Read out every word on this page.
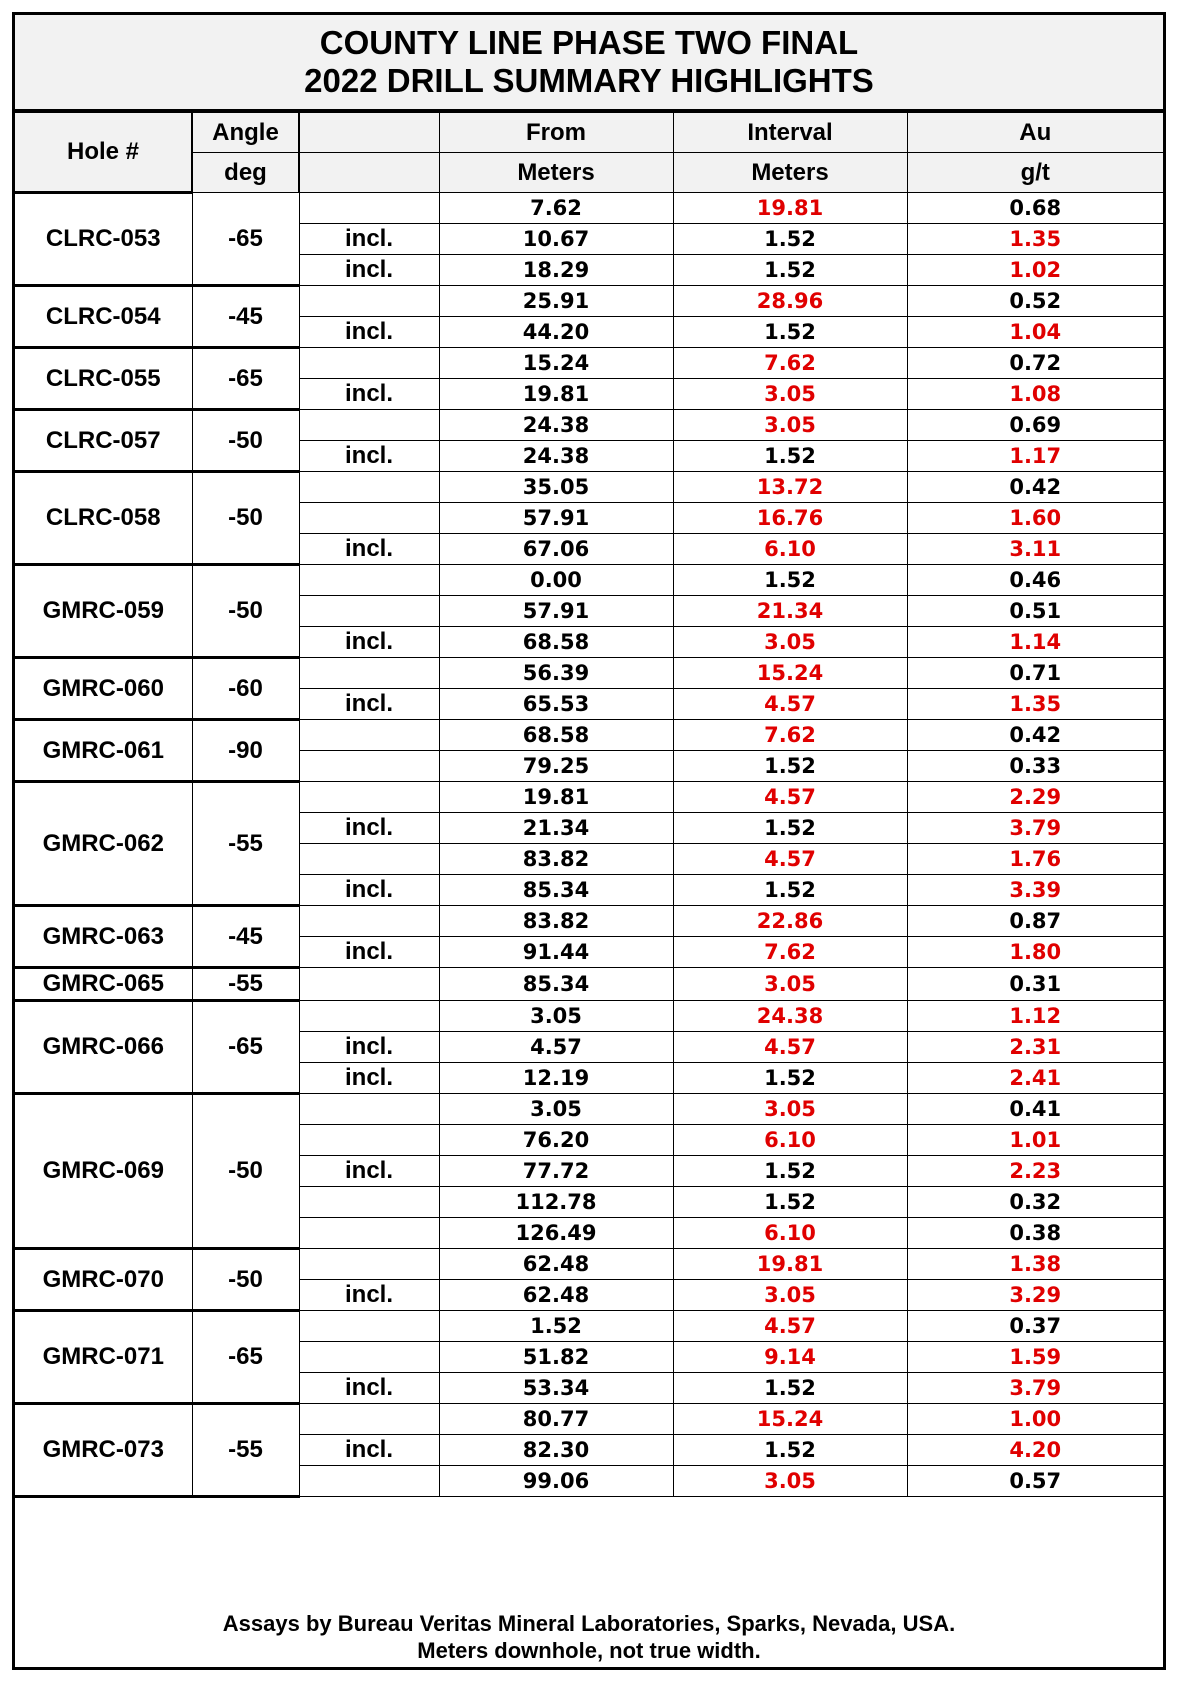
COUNTY LINE PHASE TWO FINAL
2022 DRILL SUMMARY HIGHLIGHTS
Hole #	Angle		From	Interval	Au
	deg		Meters	Meters	g/t
CLRC-053	-65		7.62	19.81	0.68
		incl.	10.67	1.52	1.35
		incl.	18.29	1.52	1.02
CLRC-054	-45		25.91	28.96	0.52
		incl.	44.20	1.52	1.04
CLRC-055	-65		15.24	7.62	0.72
		incl.	19.81	3.05	1.08
CLRC-057	-50		24.38	3.05	0.69
		incl.	24.38	1.52	1.17
CLRC-058	-50		35.05	13.72	0.42
			57.91	16.76	1.60
		incl.	67.06	6.10	3.11
GMRC-059	-50		0.00	1.52	0.46
			57.91	21.34	0.51
		incl.	68.58	3.05	1.14
GMRC-060	-60		56.39	15.24	0.71
		incl.	65.53	4.57	1.35
GMRC-061	-90		68.58	7.62	0.42
			79.25	1.52	0.33
GMRC-062	-55		19.81	4.57	2.29
		incl.	21.34	1.52	3.79
			83.82	4.57	1.76
		incl.	85.34	1.52	3.39
GMRC-063	-45		83.82	22.86	0.87
		incl.	91.44	7.62	1.80
GMRC-065	-55		85.34	3.05	0.31
GMRC-066	-65		3.05	24.38	1.12
		incl.	4.57	4.57	2.31
		incl.	12.19	1.52	2.41
GMRC-069	-50		3.05	3.05	0.41
			76.20	6.10	1.01
		incl.	77.72	1.52	2.23
			112.78	1.52	0.32
			126.49	6.10	0.38
GMRC-070	-50		62.48	19.81	1.38
		incl.	62.48	3.05	3.29
GMRC-071	-65		1.52	4.57	0.37
			51.82	9.14	1.59
		incl.	53.34	1.52	3.79
GMRC-073	-55		80.77	15.24	1.00
		incl.	82.30	1.52	4.20
			99.06	3.05	0.57
Assays by Bureau Veritas Mineral Laboratories, Sparks, Nevada, USA.
Meters downhole, not true width.
